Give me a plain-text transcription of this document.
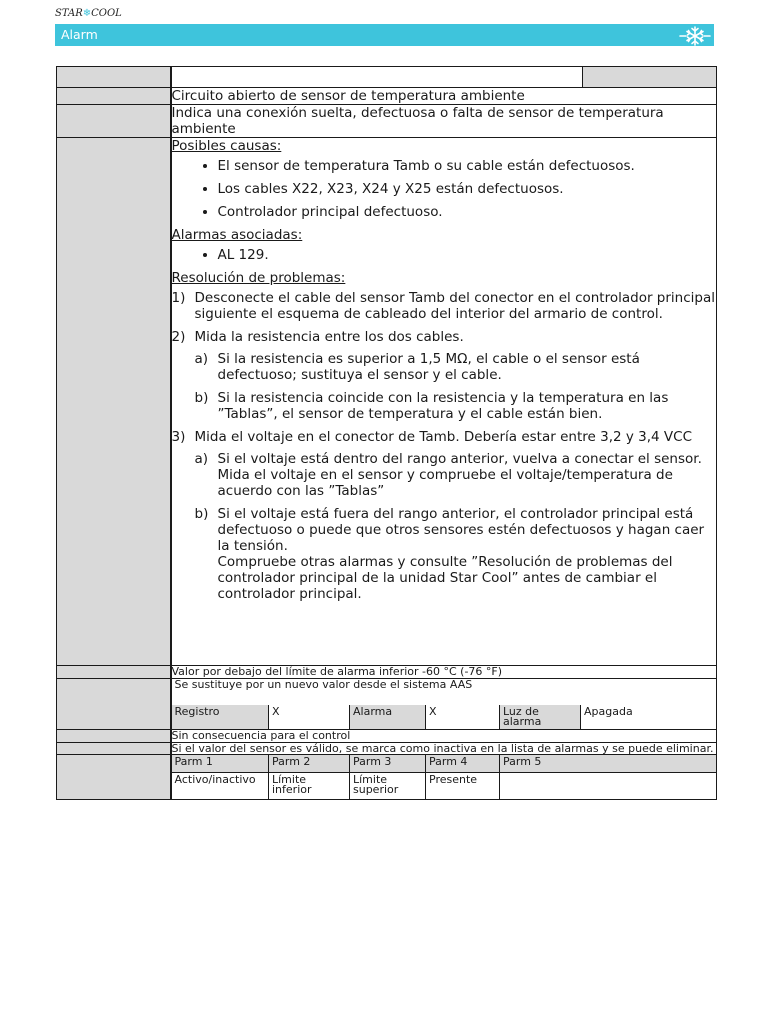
STAR❄COOL
Alarm

	Circuito abierto de sensor de temperatura ambiente
	Indica una conexión suelta, defectuosa o falta de sensor de temperatura ambiente

Posibles causas:
• El sensor de temperatura Tamb o su cable están defectuosos.
• Los cables X22, X23, X24 y X25 están defectuosos.
• Controlador principal defectuoso.
Alarmas asociadas:
• AL 129.
Resolución de problemas:
1) Desconecte el cable del sensor Tamb del conector en el controlador principal siguiente el esquema de cableado del interior del armario de control.
2) Mida la resistencia entre los dos cables.
a) Si la resistencia es superior a 1,5 MΩ, el cable o el sensor está defectuoso; sustituya el sensor y el cable.
b) Si la resistencia coincide con la resistencia y la temperatura en las ”Tablas”, el sensor de temperatura y el cable están bien.
3) Mida el voltaje en el conector de Tamb. Debería estar entre 3,2 y 3,4 VCC
a) Si el voltaje está dentro del rango anterior, vuelva a conectar el sensor.
Mida el voltaje en el sensor y compruebe el voltaje/temperatura de acuerdo con las ”Tablas”
b) Si el voltaje está fuera del rango anterior, el controlador principal está defectuoso o puede que otros sensores estén defectuosos y hagan caer la tensión.
Compruebe otras alarmas y consulte ”Resolución de problemas del controlador principal de la unidad Star Cool” antes de cambiar el controlador principal.

	Valor por debajo del límite de alarma inferior -60 °C (-76 °F)

Se sustituye por un nuevo valor desde el sistema AAS
Registro	X	Alarma	X	Luz de alarma	Apagada

	Sin consecuencia para el control
	Si el valor del sensor es válido, se marca como inactiva en la lista de alarmas y se puede eliminar.

Parm 1	Parm 2	Parm 3	Parm 4	Parm 5
Activo/inactivo	Límite inferior	Límite superior	Presente	
